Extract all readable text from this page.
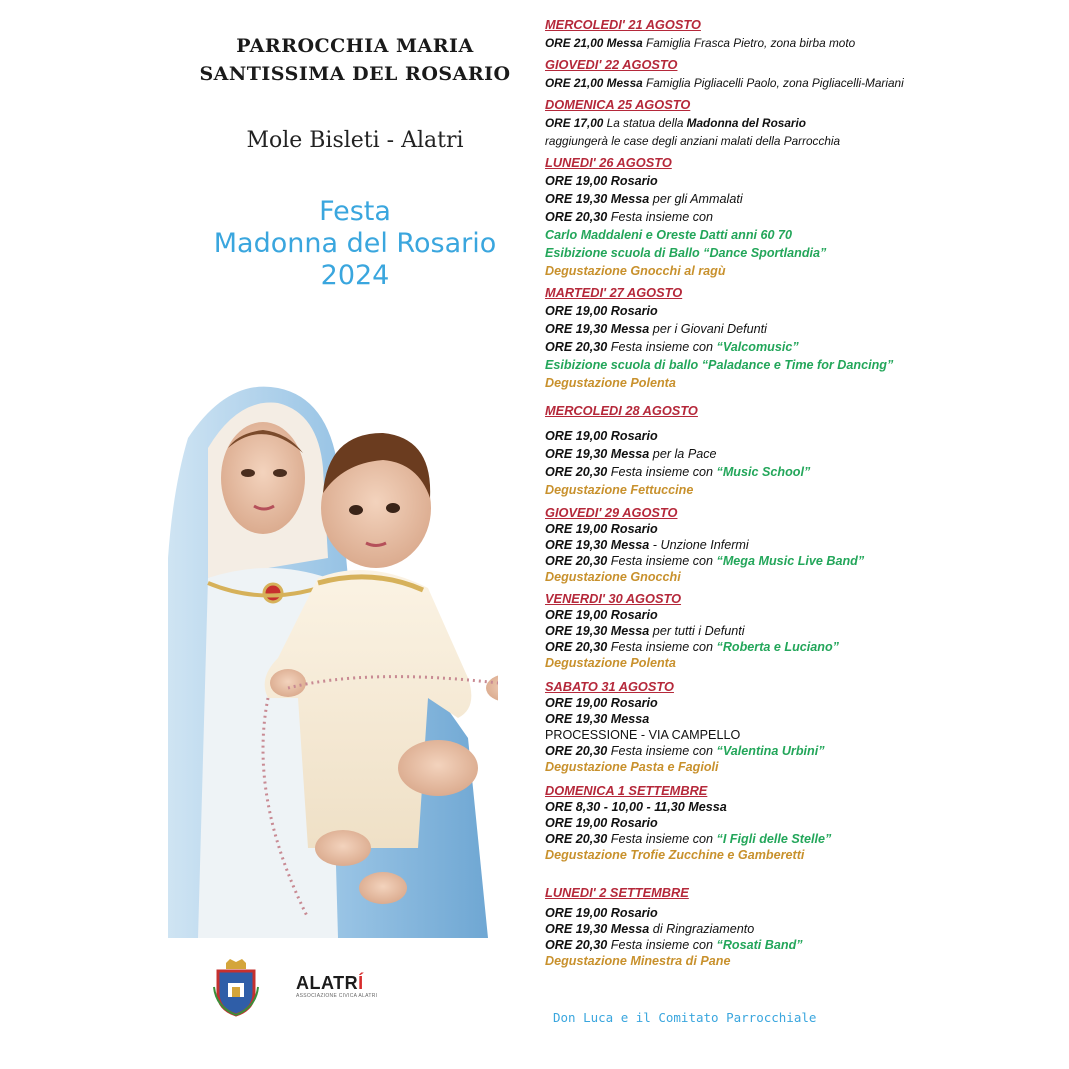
PARROCCHIA MARIA
SANTISSIMA DEL ROSARIO
Mole Bisleti - Alatri
Festa
Madonna del Rosario
2024
ALATRÍ
ASSOCIAZIONE CIVICA ALATRI
MERCOLEDI' 21 AGOSTO
ORE 21,00 Messa Famiglia Frasca Pietro, zona birba moto
GIOVEDI' 22 AGOSTO
ORE 21,00 Messa Famiglia Pigliacelli Paolo, zona Pigliacelli-Mariani
DOMENICA 25 AGOSTO
ORE 17,00 La statua della Madonna del Rosario
raggiungerà le case degli anziani malati della Parrocchia
LUNEDI' 26 AGOSTO
ORE 19,00 Rosario
ORE 19,30 Messa per gli Ammalati
ORE 20,30 Festa insieme con
Carlo Maddaleni e Oreste Datti anni 60 70
Esibizione scuola di Ballo “Dance Sportlandia”
Degustazione Gnocchi al ragù
MARTEDI' 27 AGOSTO
ORE 19,00 Rosario
ORE 19,30 Messa per i Giovani Defunti
ORE 20,30 Festa insieme con “Valcomusic”
Esibizione scuola di ballo “Paladance e Time for Dancing”
Degustazione Polenta
MERCOLEDI 28 AGOSTO
ORE 19,00 Rosario
ORE 19,30 Messa per la Pace
ORE 20,30 Festa insieme con “Music School”
Degustazione Fettuccine
GIOVEDI' 29 AGOSTO
ORE 19,00 Rosario
ORE 19,30 Messa - Unzione Infermi
ORE 20,30 Festa insieme con “Mega Music Live Band”
Degustazione Gnocchi
VENERDI' 30 AGOSTO
ORE 19,00 Rosario
ORE 19,30 Messa per tutti i Defunti
ORE 20,30 Festa insieme con “Roberta e Luciano”
Degustazione Polenta
SABATO 31 AGOSTO
ORE 19,00 Rosario
ORE 19,30 Messa
PROCESSIONE - VIA CAMPELLO
ORE 20,30 Festa insieme con “Valentina Urbini”
Degustazione Pasta e Fagioli
DOMENICA 1 SETTEMBRE
ORE 8,30 - 10,00 - 11,30 Messa
ORE 19,00 Rosario
ORE 20,30 Festa insieme con “I Figli delle Stelle”
Degustazione Trofie Zucchine e Gamberetti
LUNEDI' 2 SETTEMBRE
ORE 19,00 Rosario
ORE 19,30 Messa di Ringraziamento
ORE 20,30 Festa insieme con “Rosati Band”
Degustazione Minestra di Pane
Don Luca e il Comitato Parrocchiale
